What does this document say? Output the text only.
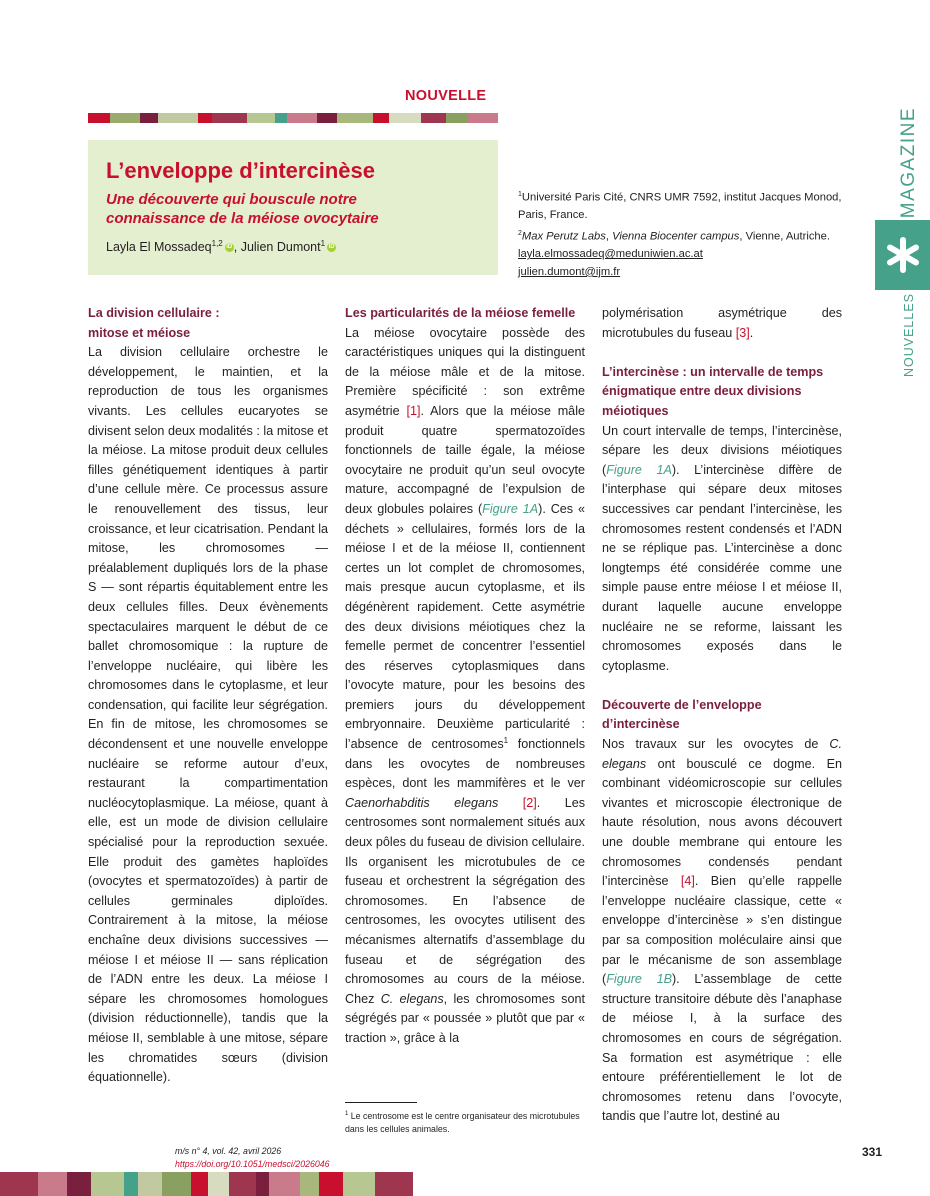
NOUVELLE
L’enveloppe d’intercinèse
Une découverte qui bouscule notre
connaissance de la méiose ovocytaire
Layla El Mossadeq$^{1,2}$ iD , Julien Dumont$^1$ iD
$^1$Université Paris Cité, CNRS UMR 7592, institut Jacques Monod,
Paris, France.
$^2$Max Perutz Labs, Vienna Biocenter campus, Vienne, Autriche.
layla.elmossadeq@meduniwien.ac.at
julien.dumont@ijm.fr
MAGAZINE
NOUVELLES
La division cellulaire :
mitose et méiose

La division cellulaire orchestre le développement, le maintien, et la reproduction de tous les organismes vivants. Les cellules eucaryotes se divisent selon deux modalités : la mitose et la méiose. La mitose produit deux cellules filles génétiquement identiques à partir d’une cellule mère. Ce processus assure le renouvellement des tissus, leur croissance, et leur cicatrisation. Pendant la mitose, les chromosomes — préalablement dupliqués lors de la phase S — sont répartis équitablement entre les deux cellules filles. Deux évènements spectaculaires marquent le début de ce ballet chromosomique : la rupture de l’enveloppe nucléaire, qui libère les chromosomes dans le cytoplasme, et leur condensation, qui facilite leur ségrégation. En fin de mitose, les chromosomes se décondensent et une nouvelle enveloppe nucléaire se reforme autour d’eux, restaurant la compartimentation nucléocytoplasmique. La méiose, quant à elle, est un mode de division cellulaire spécialisé pour la reproduction sexuée. Elle produit des gamètes haploïdes (ovocytes et spermatozoïdes) à partir de cellules germinales diploïdes. Contrairement à la mitose, la méiose enchaîne deux divisions successives — méiose I et méiose II — sans réplication de l’ADN entre les deux. La méiose I sépare les chromosomes homologues (division réductionnelle), tandis que la méiose II, semblable à une mitose, sépare les chromatides sœurs (division équationnelle).

Les particularités de la méiose femelle

La méiose ovocytaire possède des caractéristiques uniques qui la distinguent de la méiose mâle et de la mitose. Première spécificité : son extrême asymétrie [1]. Alors que la méiose mâle produit quatre spermatozoïdes fonctionnels de taille égale, la méiose ovocytaire ne produit qu’un seul ovocyte mature, accompagné de l’expulsion de deux globules polaires (Figure 1A). Ces « déchets » cellulaires, formés lors de la méiose I et de la méiose II, contiennent certes un lot complet de chromosomes, mais presque aucun cytoplasme, et ils dégénèrent rapidement. Cette asymétrie des deux divisions méiotiques chez la femelle permet de concentrer l’essentiel des réserves cytoplasmiques dans l’ovocyte mature, pour les besoins des premiers jours du développement embryonnaire. Deuxième particularité : l’absence de centrosomes$^1$ fonctionnels dans les ovocytes de nombreuses espèces, dont les mammifères et le ver Caenorhabditis elegans [2]. Les centrosomes sont normalement situés aux deux pôles du fuseau de division cellulaire. Ils organisent les microtubules de ce fuseau et orchestrent la ségrégation des chromosomes. En l’absence de centrosomes, les ovocytes utilisent des mécanismes alternatifs d’assemblage du fuseau et de ségrégation des chromosomes au cours de la méiose. Chez C. elegans, les chromosomes sont ségrégés par « poussée » plutôt que par « traction », grâce à la

polymérisation asymétrique des microtubules du fuseau [3].

L’intercinèse : un intervalle de temps
énigmatique entre deux divisions
méiotiques

Un court intervalle de temps, l’intercinèse, sépare les deux divisions méiotiques (Figure 1A). L’intercinèse diffère de l’interphase qui sépare deux mitoses successives car pendant l’intercinèse, les chromosomes restent condensés et l’ADN ne se réplique pas. L’intercinèse a donc longtemps été considérée comme une simple pause entre méiose I et méiose II, durant laquelle aucune enveloppe nucléaire ne se reforme, laissant les chromosomes exposés dans le cytoplasme.

Découverte de l’enveloppe d’intercinèse

Nos travaux sur les ovocytes de C. elegans ont bousculé ce dogme. En combinant vidéomicroscopie sur cellules vivantes et microscopie électronique de haute résolution, nous avons découvert une double membrane qui entoure les chromosomes condensés pendant l’intercinèse [4]. Bien qu’elle rappelle l’enveloppe nucléaire classique, cette « enveloppe d’intercinèse » s’en distingue par sa composition moléculaire ainsi que par le mécanisme de son assemblage (Figure 1B). L’assemblage de cette structure transitoire débute dès l’anaphase de méiose I, à la surface des chromosomes en cours de ségrégation. Sa formation est asymétrique : elle entoure préférentiellement le lot de chromosomes retenu dans l’ovocyte, tandis que l’autre lot, destiné au

$^1$ Le centrosome est le centre organisateur des microtubules dans les cellules animales.
m/s n° 4, vol. 42, avril 2026
https://doi.org/10.1051/medsci/2026046
331
